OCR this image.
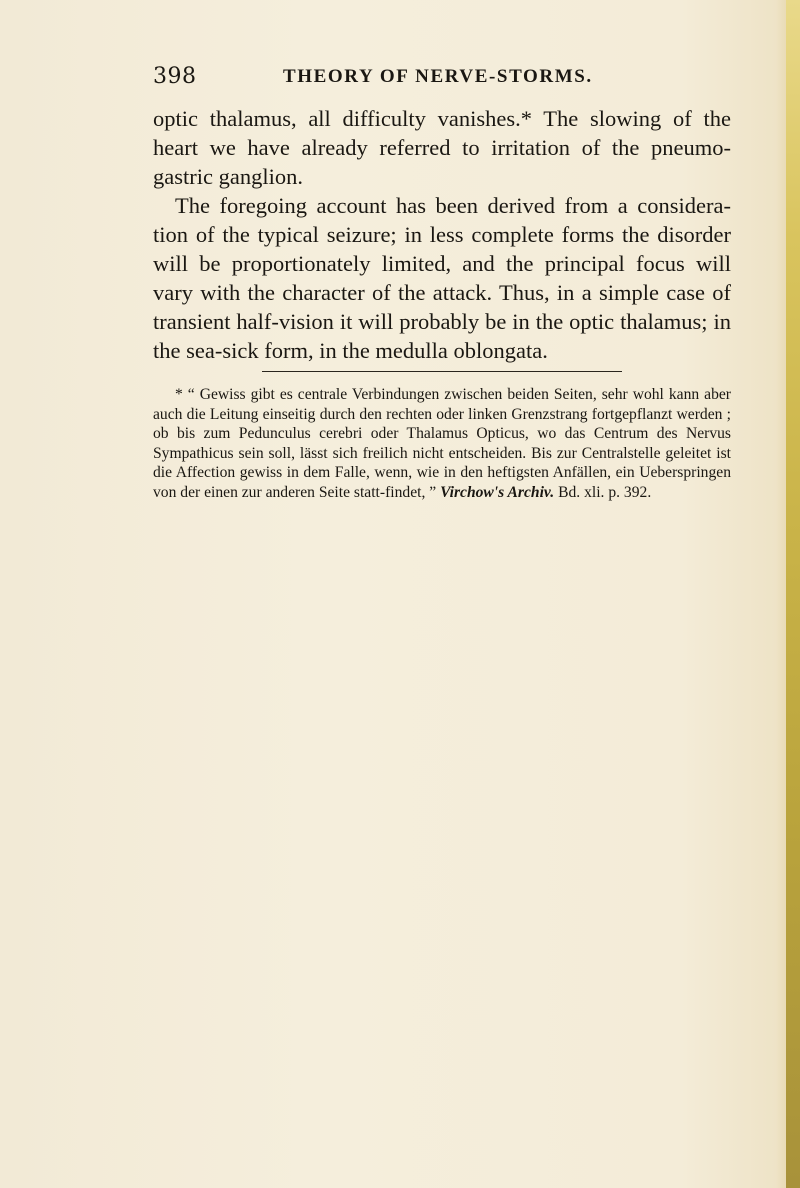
398	THEORY OF NERVE-STORMS.

optic thalamus, all difficulty vanishes.* The slowing of the heart we have already referred to irritation of the pneumo-gastric ganglion.

The foregoing account has been derived from a considera-tion of the typical seizure; in less complete forms the disorder will be proportionately limited, and the principal focus will vary with the character of the attack. Thus, in a simple case of transient half-vision it will probably be in the optic thalamus; in the sea-sick form, in the medulla oblongata.

* “ Gewiss gibt es centrale Verbindungen zwischen beiden Seiten, sehr wohl kann aber auch die Leitung einseitig durch den rechten oder linken Grenzstrang fortgepflanzt werden ; ob bis zum Pedunculus cerebri oder Thalamus Opticus, wo das Centrum des Nervus Sympathicus sein soll, lässt sich freilich nicht entscheiden. Bis zur Centralstelle geleitet ist die Affection gewiss in dem Falle, wenn, wie in den heftigsten Anfällen, ein Ueberspringen von der einen zur anderen Seite statt-findet, ” Virchow's Archiv. Bd. xli. p. 392.
